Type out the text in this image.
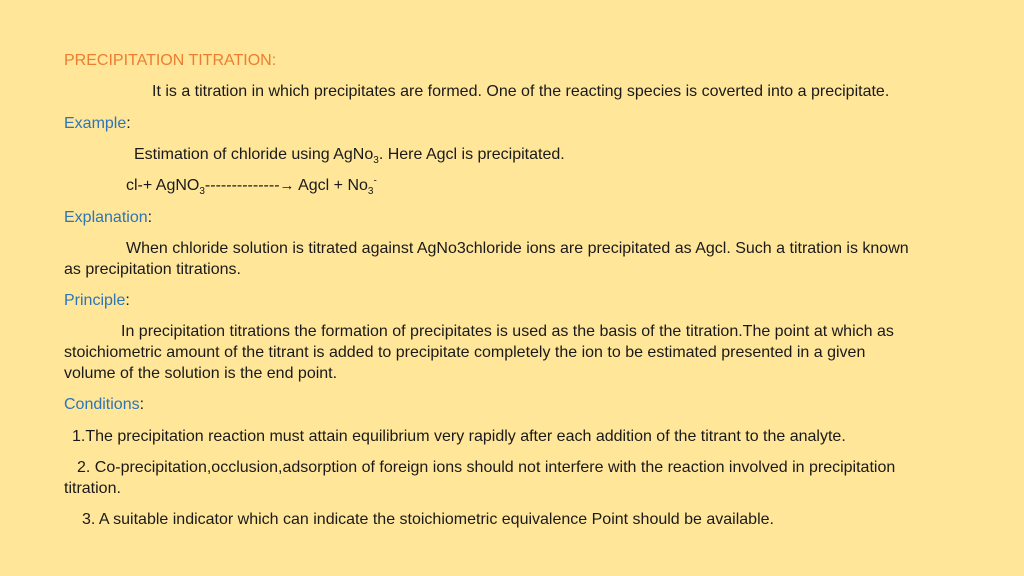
PRECIPITATION TITRATION:
It is a titration in which precipitates are formed. One of the reacting species is coverted into a precipitate.
Example:
Estimation of chloride using AgNo$_3$. Here Agcl is precipitated.
cl-+ AgNO$_3$--------------→ Agcl + $No_3^-$
Explanation:
When chloride solution is titrated against AgNo3chloride ions are precipitated as Agcl. Such a titration is known
as precipitation titrations.
Principle:
In precipitation titrations the formation of precipitates is used as the basis of the titration.The point at which as
stoichiometric amount of the titrant is added to precipitate completely the ion to be estimated presented in a given
volume of the solution is the end point.
Conditions:
1.The precipitation reaction must attain equilibrium very rapidly after each addition of the titrant to the analyte.
2. Co-precipitation,occlusion,adsorption of foreign ions should not interfere with the reaction involved in precipitation
titration.
3. A suitable indicator which can indicate the stoichiometric equivalence Point should be available.
